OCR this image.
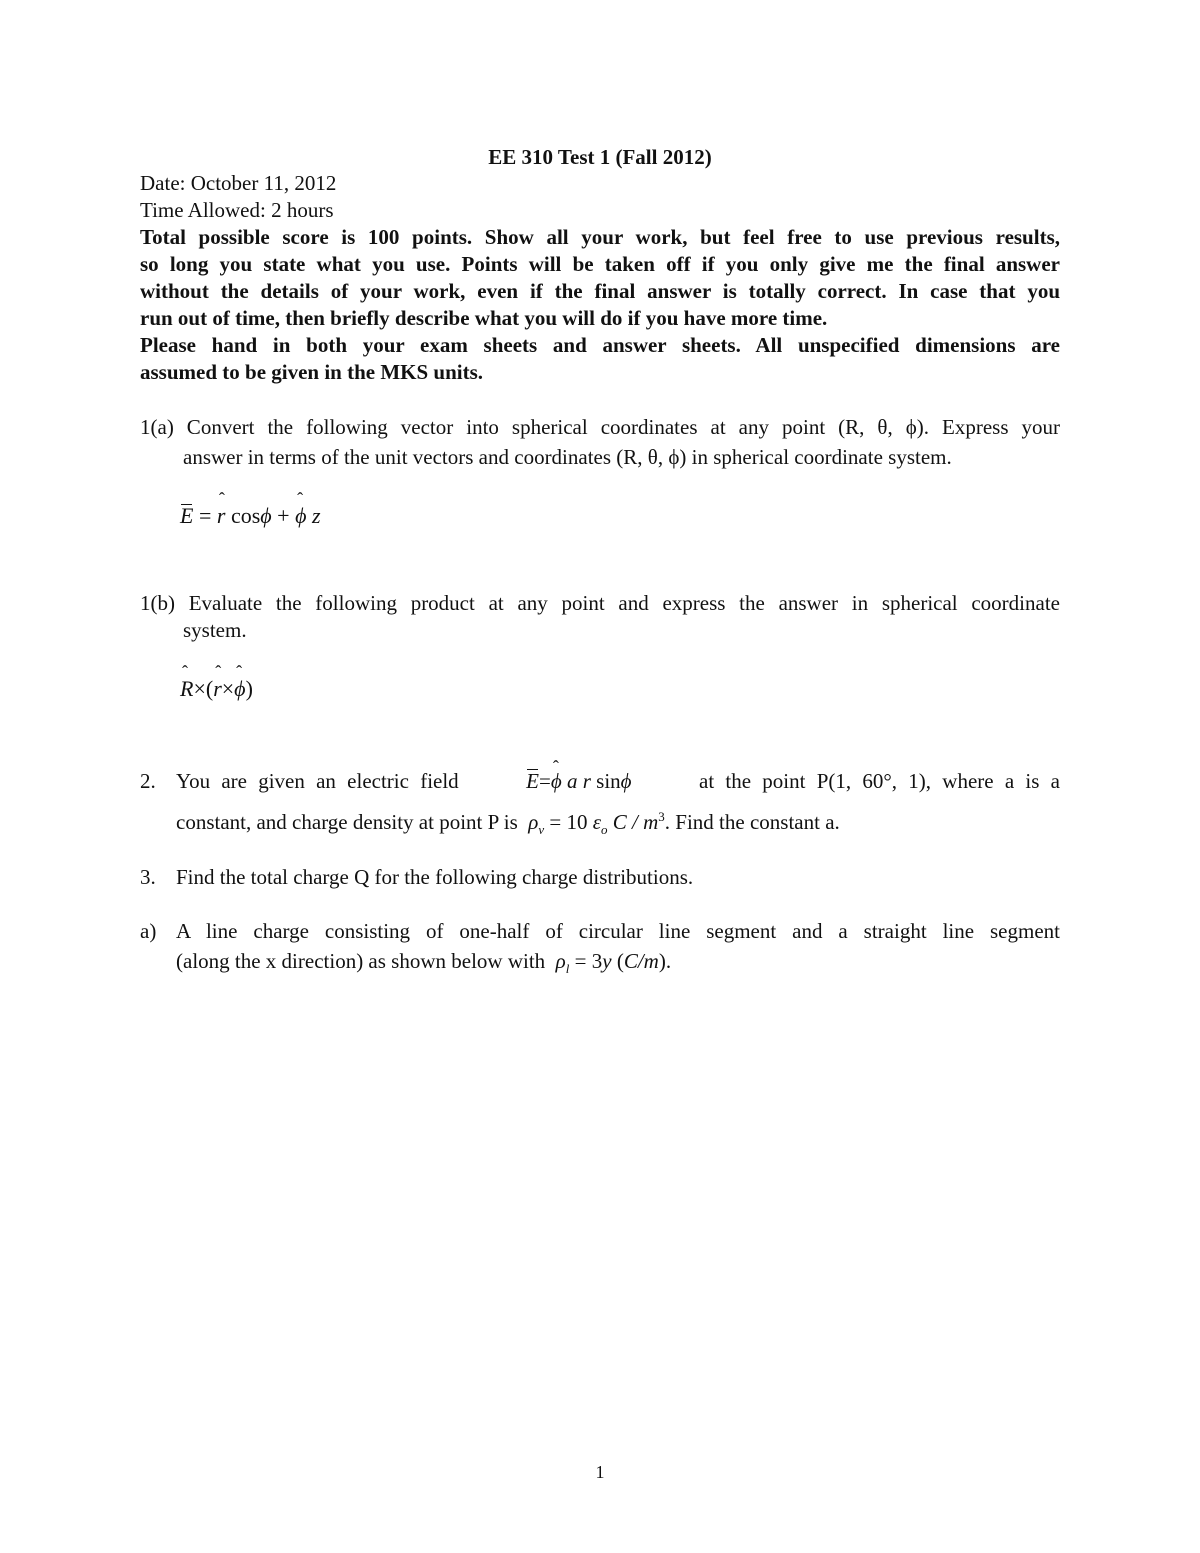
EE 310 Test 1 (Fall 2012)
Date: October 11, 2012
Time Allowed: 2 hours
Total possible score is 100 points. Show all your work, but feel free to use previous results,
so long you state what you use. Points will be taken off if you only give me the final answer
without the details of your work, even if the final answer is totally correct. In case that you
run out of time, then briefly describe what you will do if you have more time.
Please hand in both your exam sheets and answer sheets. All unspecified dimensions are
assumed to be given in the MKS units.
1(a) Convert the following vector into spherical coordinates at any point (R, θ, ϕ). Express your
answer in terms of the unit vectors and coordinates (R, θ, ϕ) in spherical coordinate system.
E = ˆ r cosϕ + ˆ ϕ z
1(b) Evaluate the following product at any point and express the answer in spherical coordinate
system.
ˆ R×(ˆ r×ˆ ϕ)
2. You are given an electric field	E=ˆ ϕ a r sinϕ	at the point P(1, 60°, 1), where a is a
constant, and charge density at point P is  $\rho_v = 10$ $\varepsilon_o$ C / $m^3$. Find the constant a.
3. Find the total charge Q for the following charge distributions.
a) A line charge consisting of one-half of circular line segment and a straight line segment
(along the x direction) as shown below with  $\rho_l = 3y$ (C/m).
1
